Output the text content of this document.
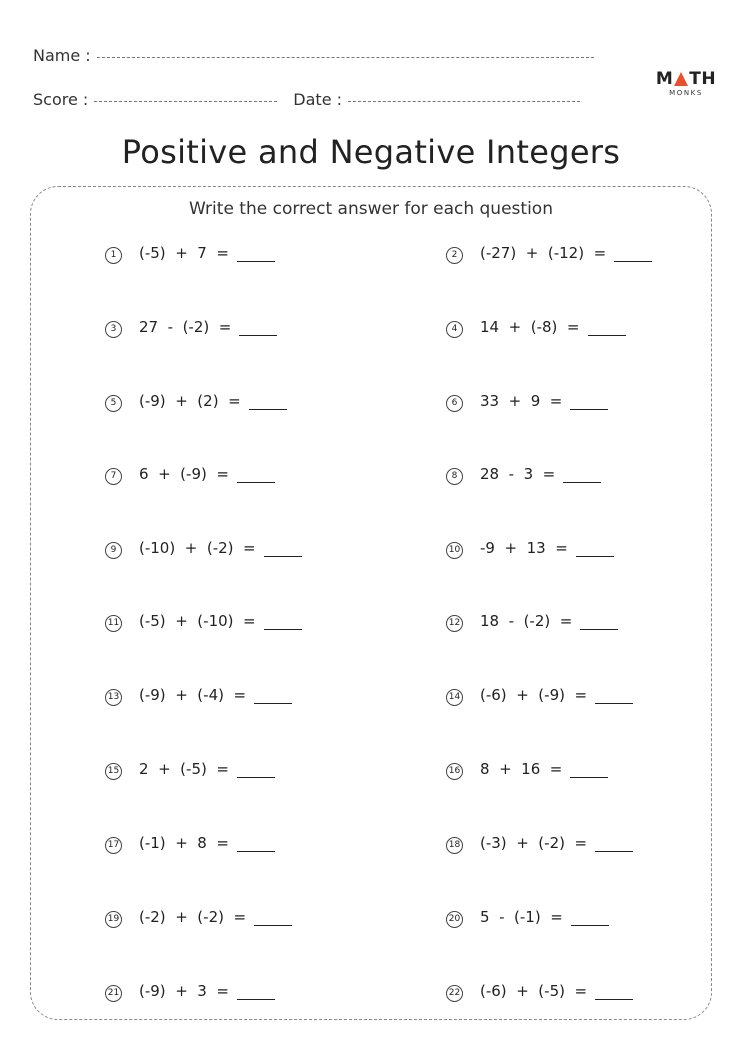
Name :
Score :	Date :
M TH
MONKS
Positive and Negative Integers
Write the correct answer for each question
1	(-5)  +  7  =	2	(-27)  +  (-12)  =
3	27  -  (-2)  =	4	14  +  (-8)  =
5	(-9)  +  (2)  =	6	33  +  9  =
7	6  +  (-9)  =	8	28  -  3  =
9	(-10)  +  (-2)  =	10 -9  +  13  =
11 (-5)  +  (-10)  =	12 18  -  (-2)  =
13 (-9)  +  (-4)  =	14 (-6)  +  (-9)  =
15 2  +  (-5)  =	16 8  +  16  =
17 (-1)  +  8  =	18 (-3)  +  (-2)  =
19 (-2)  +  (-2)  =	20 5  -  (-1)  =
21 (-9)  +  3  =	22 (-6)  +  (-5)  =
